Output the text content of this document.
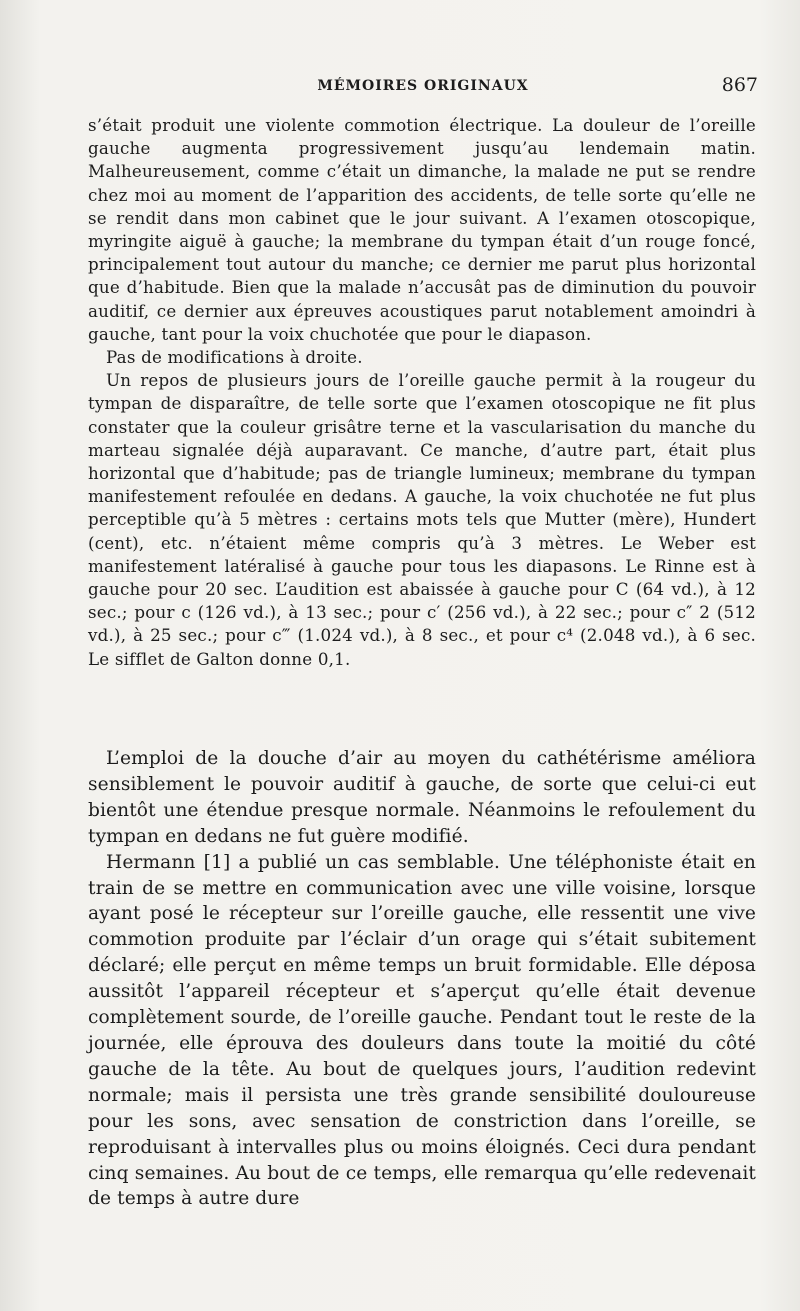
MÉMOIRES ORIGINAUX	867

s’était produit une violente commotion électrique. La douleur de l’oreille gauche augmenta progressivement jusqu’au lendemain matin. Malheureusement, comme c’était un dimanche, la malade ne put se rendre chez moi au moment de l’apparition des accidents, de telle sorte qu’elle ne se rendit dans mon cabinet que le jour suivant. A l’examen otoscopique, myringite aiguë à gauche; la membrane du tympan était d’un rouge foncé, principalement tout autour du manche; ce dernier me parut plus horizontal que d’habitude. Bien que la malade n’accusât pas de diminution du pouvoir auditif, ce dernier aux épreuves acoustiques parut notablement amoindri à gauche, tant pour la voix chuchotée que pour le diapason.

Pas de modifications à droite.

Un repos de plusieurs jours de l’oreille gauche permit à la rougeur du tympan de disparaître, de telle sorte que l’examen otoscopique ne fit plus constater que la couleur grisâtre terne et la vascularisation du manche du marteau signalée déjà auparavant. Ce manche, d’autre part, était plus horizontal que d’habitude; pas de triangle lumineux; membrane du tympan manifestement refoulée en dedans. A gauche, la voix chuchotée ne fut plus perceptible qu’à 5 mètres : certains mots tels que Mutter (mère), Hundert (cent), etc. n’étaient même compris qu’à 3 mètres. Le Weber est manifestement latéralisé à gauche pour tous les diapasons. Le Rinne est à gauche pour 20 sec. L’audition est abaissée à gauche pour C (64 vd.), à 12 sec.; pour c (126 vd.), à 13 sec.; pour c′ (256 vd.), à 22 sec.; pour c″ 2 (512 vd.), à 25 sec.; pour c‴ (1.024 vd.), à 8 sec., et pour c⁴ (2.048 vd.), à 6 sec. Le sifflet de Galton donne 0,1.

L’emploi de la douche d’air au moyen du cathétérisme améliora sensiblement le pouvoir auditif à gauche, de sorte que celui-ci eut bientôt une étendue presque normale. Néanmoins le refoulement du tympan en dedans ne fut guère modifié.

Hermann [1] a publié un cas semblable. Une téléphoniste était en train de se mettre en communication avec une ville voisine, lorsque ayant posé le récepteur sur l’oreille gauche, elle ressentit une vive commotion produite par l’éclair d’un orage qui s’était subitement déclaré; elle perçut en même temps un bruit formidable. Elle déposa aussitôt l’appareil récepteur et s’aperçut qu’elle était devenue complètement sourde, de l’oreille gauche. Pendant tout le reste de la journée, elle éprouva des douleurs dans toute la moitié du côté gauche de la tête. Au bout de quelques jours, l’audition redevint normale; mais il persista une très grande sensibilité douloureuse pour les sons, avec sensation de constriction dans l’oreille, se reproduisant à intervalles plus ou moins éloignés. Ceci dura pendant cinq semaines. Au bout de ce temps, elle remarqua qu’elle redevenait de temps à autre dure
